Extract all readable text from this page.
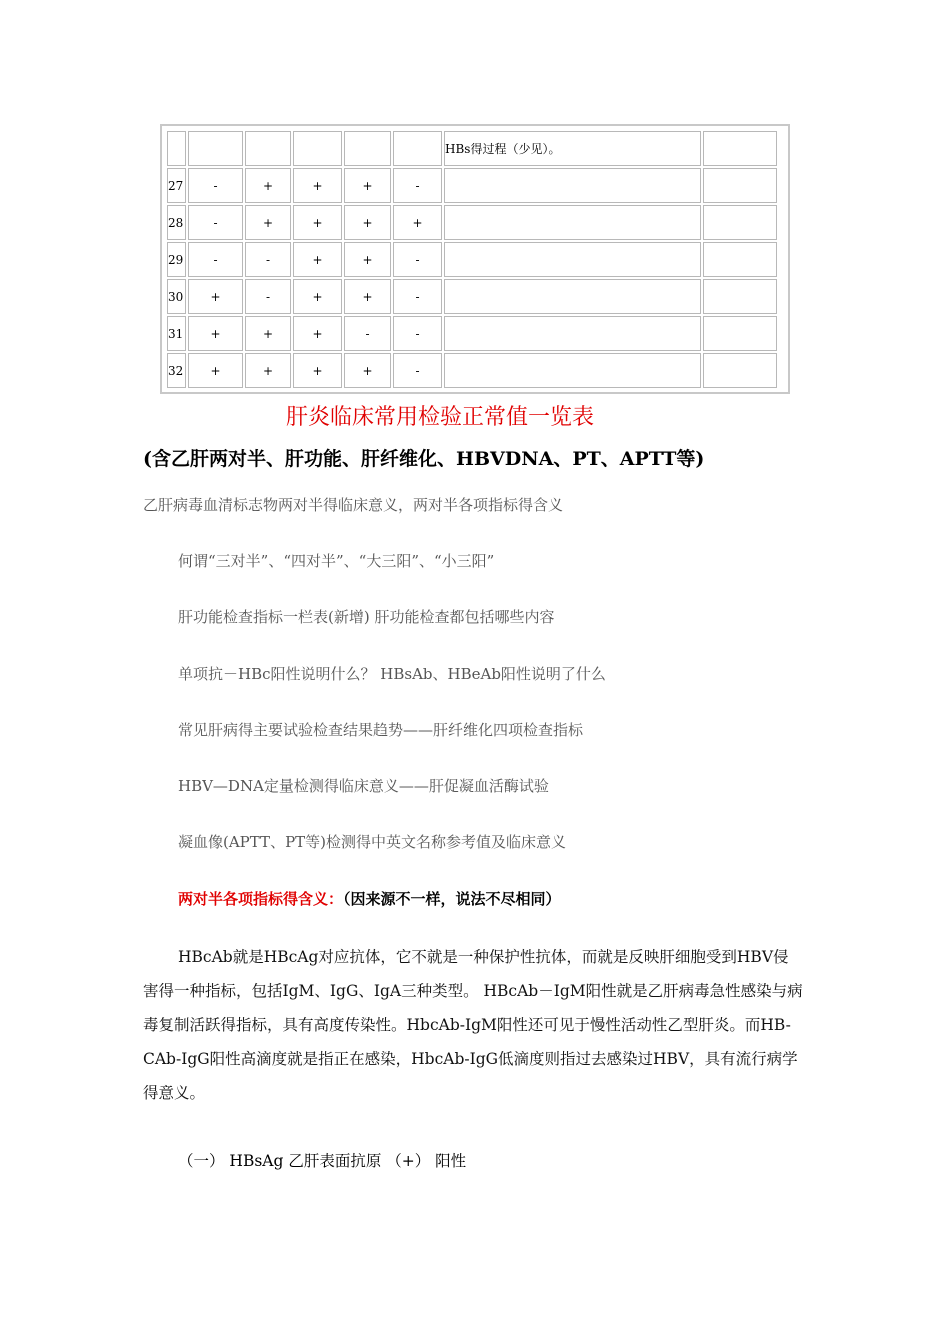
						HBs得过程（少见）。	
27	-	+	+	+	-		
28	-	+	+	+	+		
29	-	-	+	+	-		
30	+	-	+	+	-		
31	+	+	+	-	-		
32	+	+	+	+	-		
肝炎临床常用检验正常值一览表
(含乙肝两对半、肝功能、肝纤维化、HBVDNA、PT、APTT等)
乙肝病毒血清标志物两对半得临床意义，两对半各项指标得含义
何谓“三对半”、“四对半”、“大三阳”、“小三阳”
肝功能检查指标一栏表(新增) 肝功能检查都包括哪些内容
单项抗－HBc阳性说明什么？ HBsAb、HBeAb阳性说明了什么
常见肝病得主要试验检查结果趋势——肝纤维化四项检查指标
HBV—DNA定量检测得临床意义——肝促凝血活酶试验
凝血像(APTT、PT等)检测得中英文名称参考值及临床意义
两对半各项指标得含义：（因来源不一样，说法不尽相同）
HBcAb就是HBcAg对应抗体，它不就是一种保护性抗体，而就是反映肝细胞受到HBV侵害得一种指标，包括IgM、IgG、IgA三种类型。 HBcAb－IgM阳性就是乙肝病毒急性感染与病毒复制活跃得指标，具有高度传染性。HbcAb-IgM阳性还可见于慢性活动性乙型肝炎。而HB-CAb-IgG阳性高滴度就是指正在感染，HbcAb-IgG低滴度则指过去感染过HBV，具有流行病学得意义。
（一） HBsAg 乙肝表面抗原 （+） 阳性
